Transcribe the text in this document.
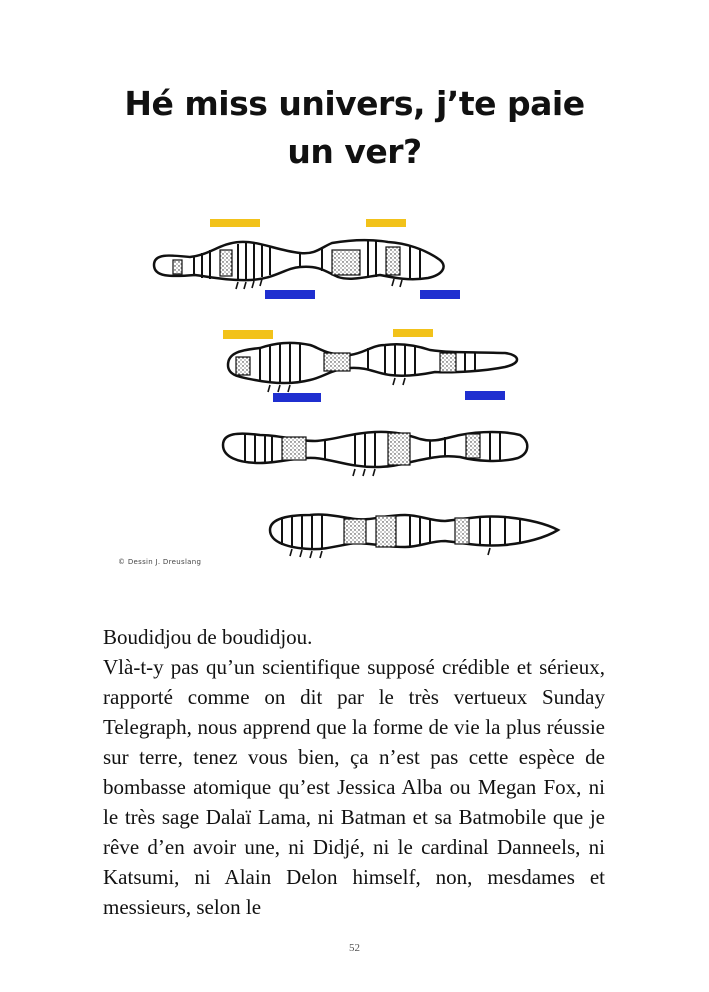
Hé miss univers, j’te paie un ver?
© Dessin J. Dreuslang

Boudidjou de boudidjou.

Vlà-t-y pas qu’un scientifique supposé crédible et sérieux, rapporté comme on dit par le très vertueux Sunday Telegraph, nous apprend que la forme de vie la plus réussie sur terre, tenez vous bien, ça n’est pas cette espèce de bombasse atomique qu’est Jessica Alba ou Megan Fox, ni le très sage Dalaï Lama, ni Batman et sa Batmobile que je rêve d’en avoir une, ni Didjé, ni le cardinal Danneels, ni Katsumi, ni Alain Delon himself, non, mesdames et messieurs, selon le

52
